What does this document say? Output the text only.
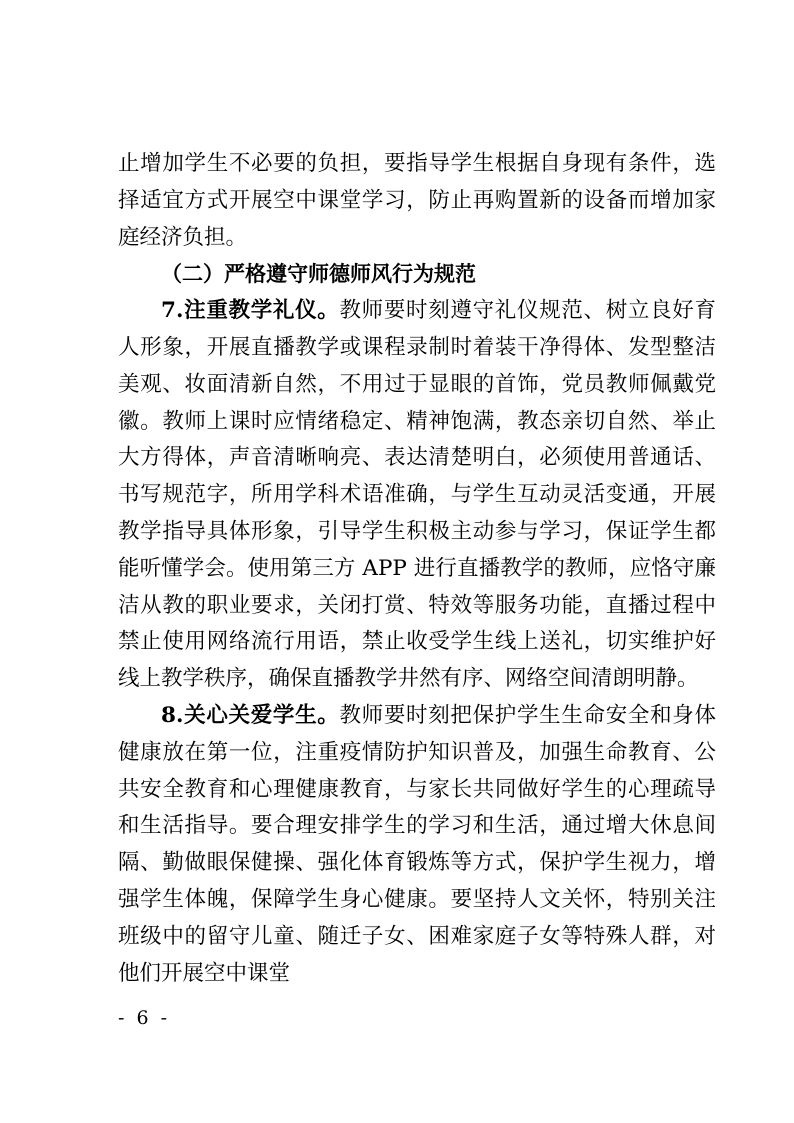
止增加学生不必要的负担，要指导学生根据自身现有条件，选择适宜方式开展空中课堂学习，防止再购置新的设备而增加家庭经济负担。

（二）严格遵守师德师风行为规范

7.注重教学礼仪。教师要时刻遵守礼仪规范、树立良好育人形象，开展直播教学或课程录制时着装干净得体、发型整洁美观、妆面清新自然，不用过于显眼的首饰，党员教师佩戴党徽。教师上课时应情绪稳定、精神饱满，教态亲切自然、举止大方得体，声音清晰响亮、表达清楚明白，必须使用普通话、书写规范字，所用学科术语准确，与学生互动灵活变通，开展教学指导具体形象，引导学生积极主动参与学习，保证学生都能听懂学会。使用第三方 APP 进行直播教学的教师，应恪守廉洁从教的职业要求，关闭打赏、特效等服务功能，直播过程中禁止使用网络流行用语，禁止收受学生线上送礼，切实维护好线上教学秩序，确保直播教学井然有序、网络空间清朗明静。

8.关心关爱学生。教师要时刻把保护学生生命安全和身体健康放在第一位，注重疫情防护知识普及，加强生命教育、公共安全教育和心理健康教育，与家长共同做好学生的心理疏导和生活指导。要合理安排学生的学习和生活，通过增大休息间隔、勤做眼保健操、强化体育锻炼等方式，保护学生视力，增强学生体魄，保障学生身心健康。要坚持人文关怀，特别关注班级中的留守儿童、随迁子女、困难家庭子女等特殊人群，对他们开展空中课堂

- 6 -
